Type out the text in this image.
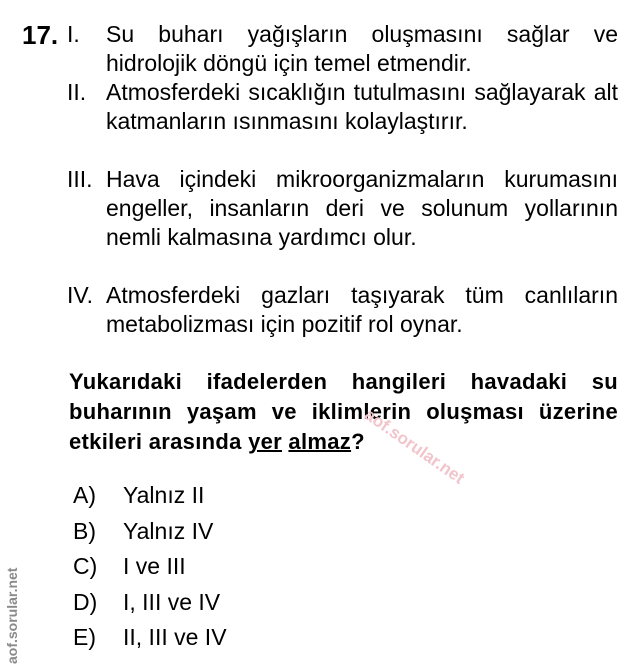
17. I. Su buharı yağışların oluşmasını sağlar ve hidrolojik döngü için temel etmendir.
II. Atmosferdeki sıcaklığın tutulmasını sağlayarak alt katmanların ısınmasını kolaylaştırır.
III. Hava içindeki mikroorganizmaların kurumasını engeller, insanların deri ve solunum yollarının nemli kalmasına yardımcı olur.
IV. Atmosferdeki gazları taşıyarak tüm canlıların metabolizması için pozitif rol oynar.
Yukarıdaki ifadelerden hangileri havadaki su buharının yaşam ve iklimlerin oluşması üzerine etkileri arasında yer almaz?
aof.sorular.net
A)	Yalnız II
B)	Yalnız IV
C)	I ve III
D)	I, III ve IV
E)	II, III ve IV
aof.sorular.net
